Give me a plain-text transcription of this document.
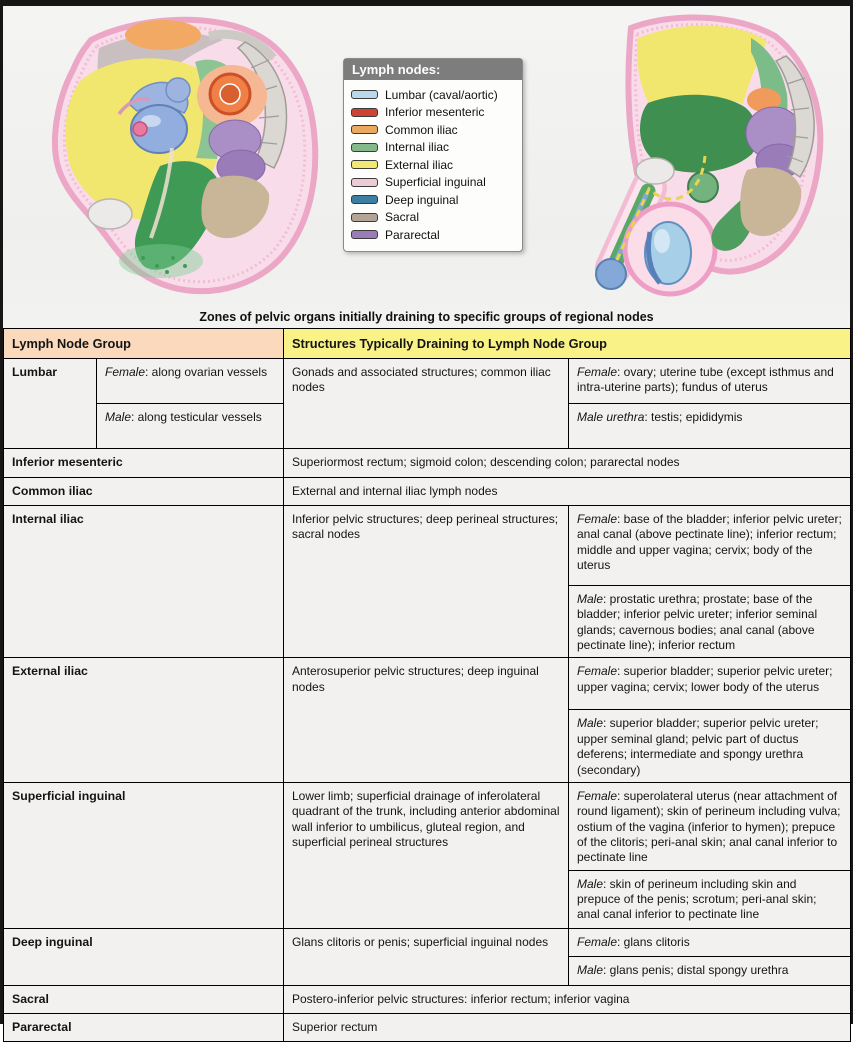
Lymph nodes:
Lumbar (caval/aortic)
Inferior mesenteric
Common iliac
Internal iliac
External iliac
Superficial inguinal
Deep inguinal
Sacral
Pararectal
Zones of pelvic organs initially draining to specific groups of regional nodes
Lymph Node Group		Structures Typically Draining to Lymph Node Group	
Lumbar	Female: along ovarian vessels	Gonads and associated structures; common iliac nodes	Female: ovary; uterine tube (except isthmus and intra-uterine parts); fundus of uterus
	Male: along testicular vessels		Male urethra: testis; epididymis
Inferior mesenteric		Superiormost rectum; sigmoid colon; descending colon; pararectal nodes	
Common iliac		External and internal iliac lymph nodes	
Internal iliac		Inferior pelvic structures; deep perineal structures; sacral nodes	Female: base of the bladder; inferior pelvic ureter; anal canal (above pectinate line); inferior rectum; middle and upper vagina; cervix; body of the uterus
			Male: prostatic urethra; prostate; base of the bladder; inferior pelvic ureter; inferior seminal glands; cavernous bodies; anal canal (above pectinate line); inferior rectum
External iliac		Anterosuperior pelvic structures; deep inguinal nodes	Female: superior bladder; superior pelvic ureter; upper vagina; cervix; lower body of the uterus
			Male: superior bladder; superior pelvic ureter; upper seminal gland; pelvic part of ductus deferens; intermediate and spongy urethra (secondary)
Superficial inguinal		Lower limb; superficial drainage of inferolateral quadrant of the trunk, including anterior abdominal wall inferior to umbilicus, gluteal region, and superficial perineal structures	Female: superolateral uterus (near attachment of round ligament); skin of perineum including vulva; ostium of the vagina (inferior to hymen); prepuce of the clitoris; peri-anal skin; anal canal inferior to pectinate line
			Male: skin of perineum including skin and prepuce of the penis; scrotum; peri-anal skin; anal canal inferior to pectinate line
Deep inguinal		Glans clitoris or penis; superficial inguinal nodes	Female: glans clitoris
			Male: glans penis; distal spongy urethra
Sacral		Postero-inferior pelvic structures: inferior rectum; inferior vagina	
Pararectal		Superior rectum	
